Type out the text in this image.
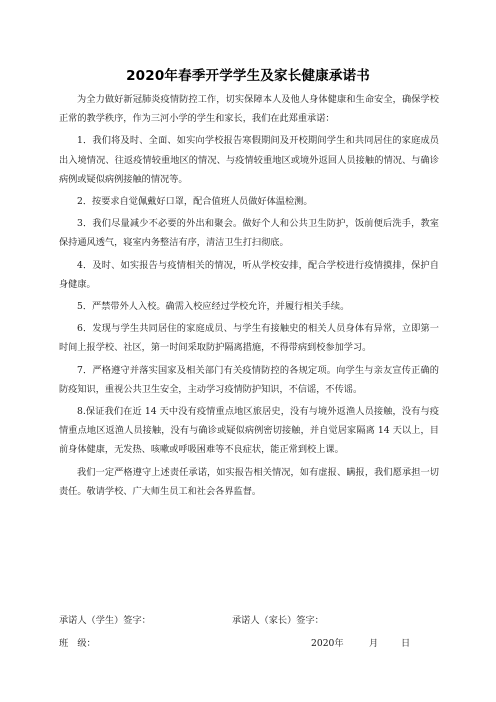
2020年春季开学学生及家长健康承诺书

为全力做好新冠肺炎疫情防控工作，切实保障本人及他人身体健康和生命安全，确保学校正常的教学秩序，作为三河小学的学生和家长，我们在此郑重承诺：

1．我们将及时、全面、如实向学校报告寒假期间及开校期间学生和共同居住的家庭成员出入境情况、往返疫情较重地区的情况、与疫情较重地区或境外返回人员接触的情况、与确诊病例或疑似病例接触的情况等。

2．按要求自觉佩戴好口罩，配合值班人员做好体温检测。

3．我们尽量减少不必要的外出和聚会。做好个人和公共卫生防护，饭前便后洗手，教室保持通风透气，寝室内务整洁有序，清洁卫生打扫彻底。

4．及时、如实报告与疫情相关的情况，听从学校安排，配合学校进行疫情摸排，保护自身健康。

5．严禁带外人入校。确需入校应经过学校允许，并履行相关手续。

6．发现与学生共同居住的家庭成员、与学生有接触史的相关人员身体有异常，立即第一时间上报学校、社区，第一时间采取防护隔离措施，不得带病到校参加学习。

7．严格遵守并落实国家及相关部门有关疫情防控的各规定项。向学生与亲友宣传正确的防疫知识，重视公共卫生安全，主动学习疫情防护知识，不信谣，不传谣。

8.保证我们在近 14 天中没有疫情重点地区旅居史，没有与境外返渔人员接触，没有与疫情重点地区返渔人员接触，没有与确诊或疑似病例密切接触，并自觉居家隔离 14 天以上，目前身体健康，无发热、咳嗽或呼吸困难等不良症状，能正常到校上课。

我们一定严格遵守上述责任承诺，如实报告相关情况，如有虚报、瞒报，我们愿承担一切责任。敬请学校、广大师生员工和社会各界监督。

承诺人（学生）签字：	承诺人（家长）签字：
班　级：	2020年	月 日
